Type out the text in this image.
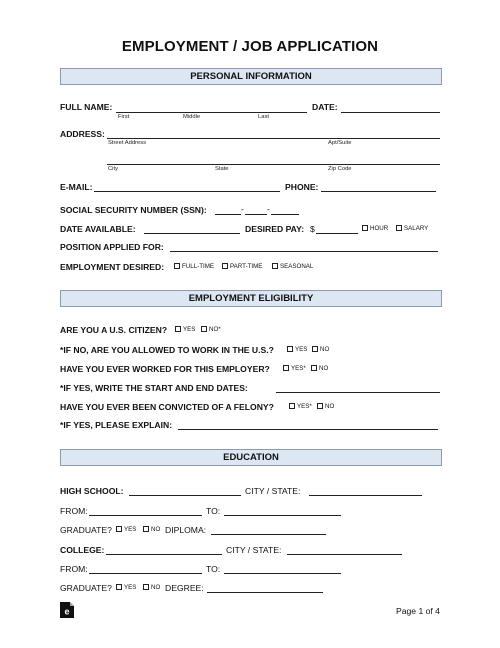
EMPLOYMENT / JOB APPLICATION
PERSONAL INFORMATION
FULL NAME:
First	Middle	Last
DATE:
ADDRESS:
Street Address	Apt/Suite
City	State	Zip Code
E-MAIL:	PHONE:
SOCIAL SECURITY NUMBER (SSN):	-	-
DATE AVAILABLE:	DESIRED PAY: $	HOUR	SALARY
POSITION APPLIED FOR:
EMPLOYMENT DESIRED:	FULL-TIME	PART-TIME	SEASONAL
EMPLOYMENT ELIGIBILITY
ARE YOU A U.S. CITIZEN?	YES	NO*
*IF NO, ARE YOU ALLOWED TO WORK IN THE U.S.?	YES	NO
HAVE YOU EVER WORKED FOR THIS EMPLOYER?	YES*	NO
*IF YES, WRITE THE START AND END DATES:
HAVE YOU EVER BEEN CONVICTED OF A FELONY?	YES*	NO
*IF YES, PLEASE EXPLAIN:
EDUCATION
HIGH SCHOOL:	CITY / STATE:
FROM:	TO:
GRADUATE?	YES	NO DIPLOMA:
COLLEGE:	CITY / STATE:
FROM:	TO:
GRADUATE?	YES	NO DEGREE:
e	Page 1 of 4
